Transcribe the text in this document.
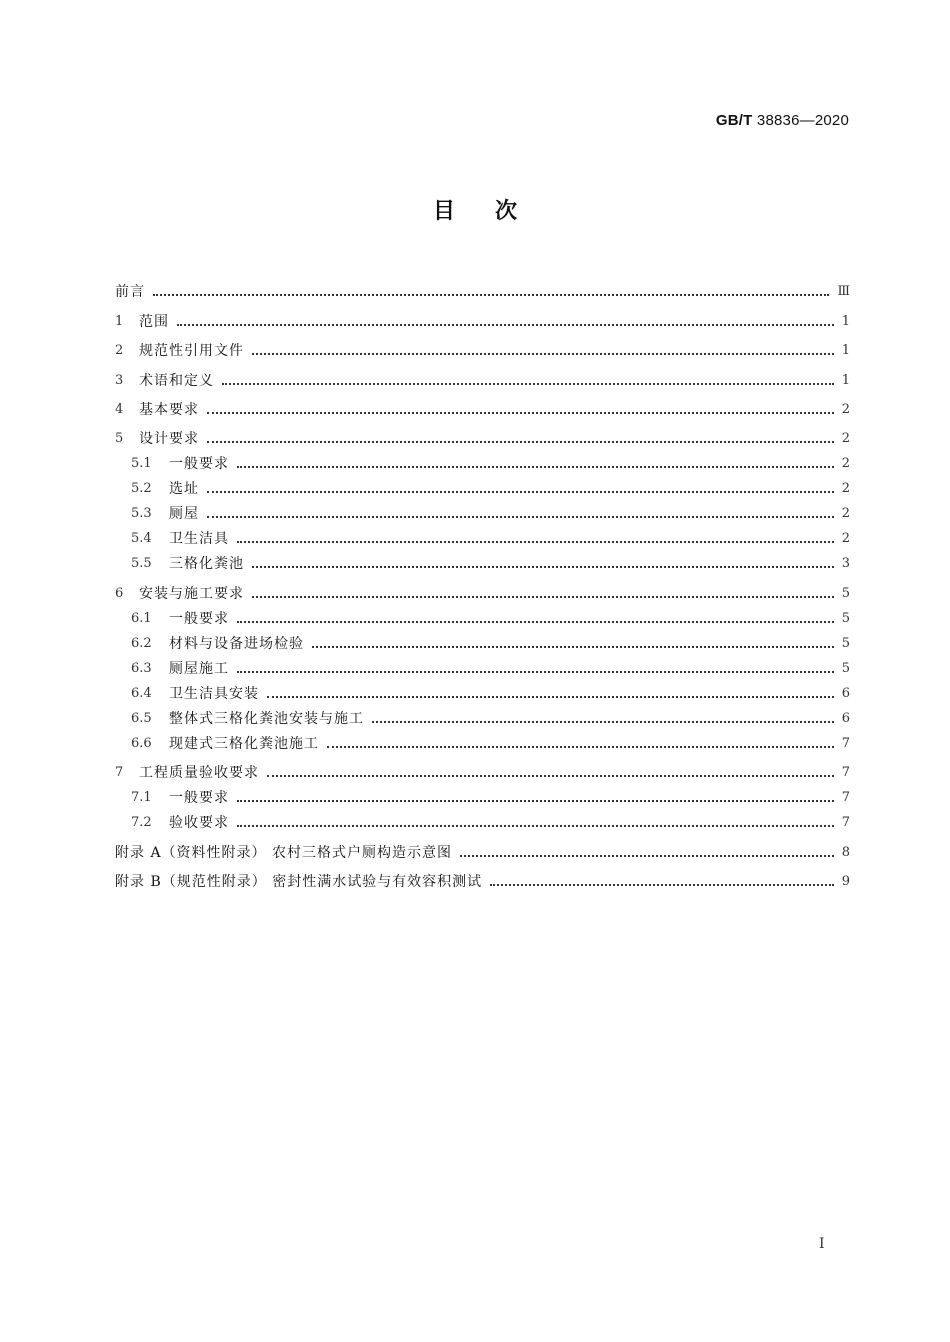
GB/T 38836—2020
目次
前言	Ⅲ
1	范围	1
2	规范性引用文件	1
3	术语和定义	1
4	基本要求	2
5	设计要求	2
5.1	一般要求	2
5.2	选址	2
5.3	厕屋	2
5.4	卫生洁具	2
5.5	三格化粪池	3
6	安装与施工要求	5
6.1	一般要求	5
6.2	材料与设备进场检验	5
6.3	厕屋施工	5
6.4	卫生洁具安装	6
6.5	整体式三格化粪池安装与施工	6
6.6	现建式三格化粪池施工	7
7	工程质量验收要求	7
7.1	一般要求	7
7.2	验收要求	7
附录 A（资料性附录） 农村三格式户厕构造示意图	8
附录 B（规范性附录） 密封性满水试验与有效容积测试	9
I
